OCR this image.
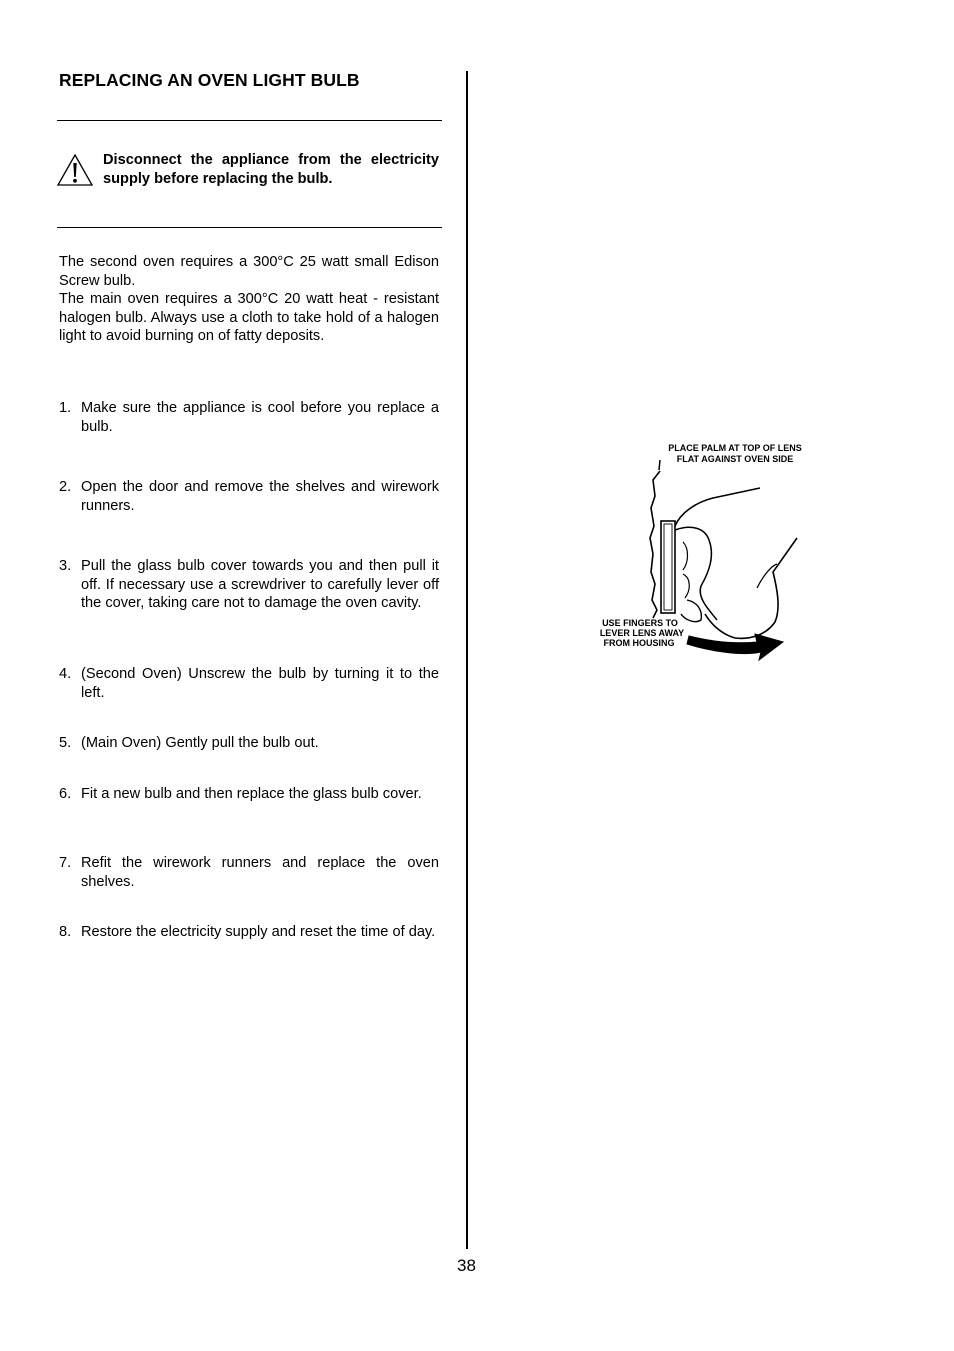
REPLACING AN OVEN LIGHT BULB
Disconnect the appliance from the electricity supply before replacing the bulb.

The second oven requires a 300°C 25 watt small Edison Screw bulb.

The main oven requires a 300°C 20 watt heat - resistant halogen bulb. Always use a cloth to take hold of a halogen light to avoid burning on of fatty deposits.

1. Make sure the appliance is cool before you replace a bulb.
2. Open the door and remove the shelves and wirework runners.
3. Pull the glass bulb cover towards you and then pull it off. If necessary use a screwdriver to carefully lever off the cover, taking care not to damage the oven cavity.
4. (Second Oven) Unscrew the bulb by turning it to the left.
5. (Main Oven) Gently pull the bulb out.
6. Fit a new bulb and then replace the glass bulb cover.
7. Refit the wirework runners and replace the oven shelves.
8. Restore the electricity supply and reset the time of day.
PLACE PALM AT TOP OF LENS
FLAT AGAINST OVEN SIDE
USE FINGERS TO
LEVER LENS AWAY
FROM HOUSING
38
